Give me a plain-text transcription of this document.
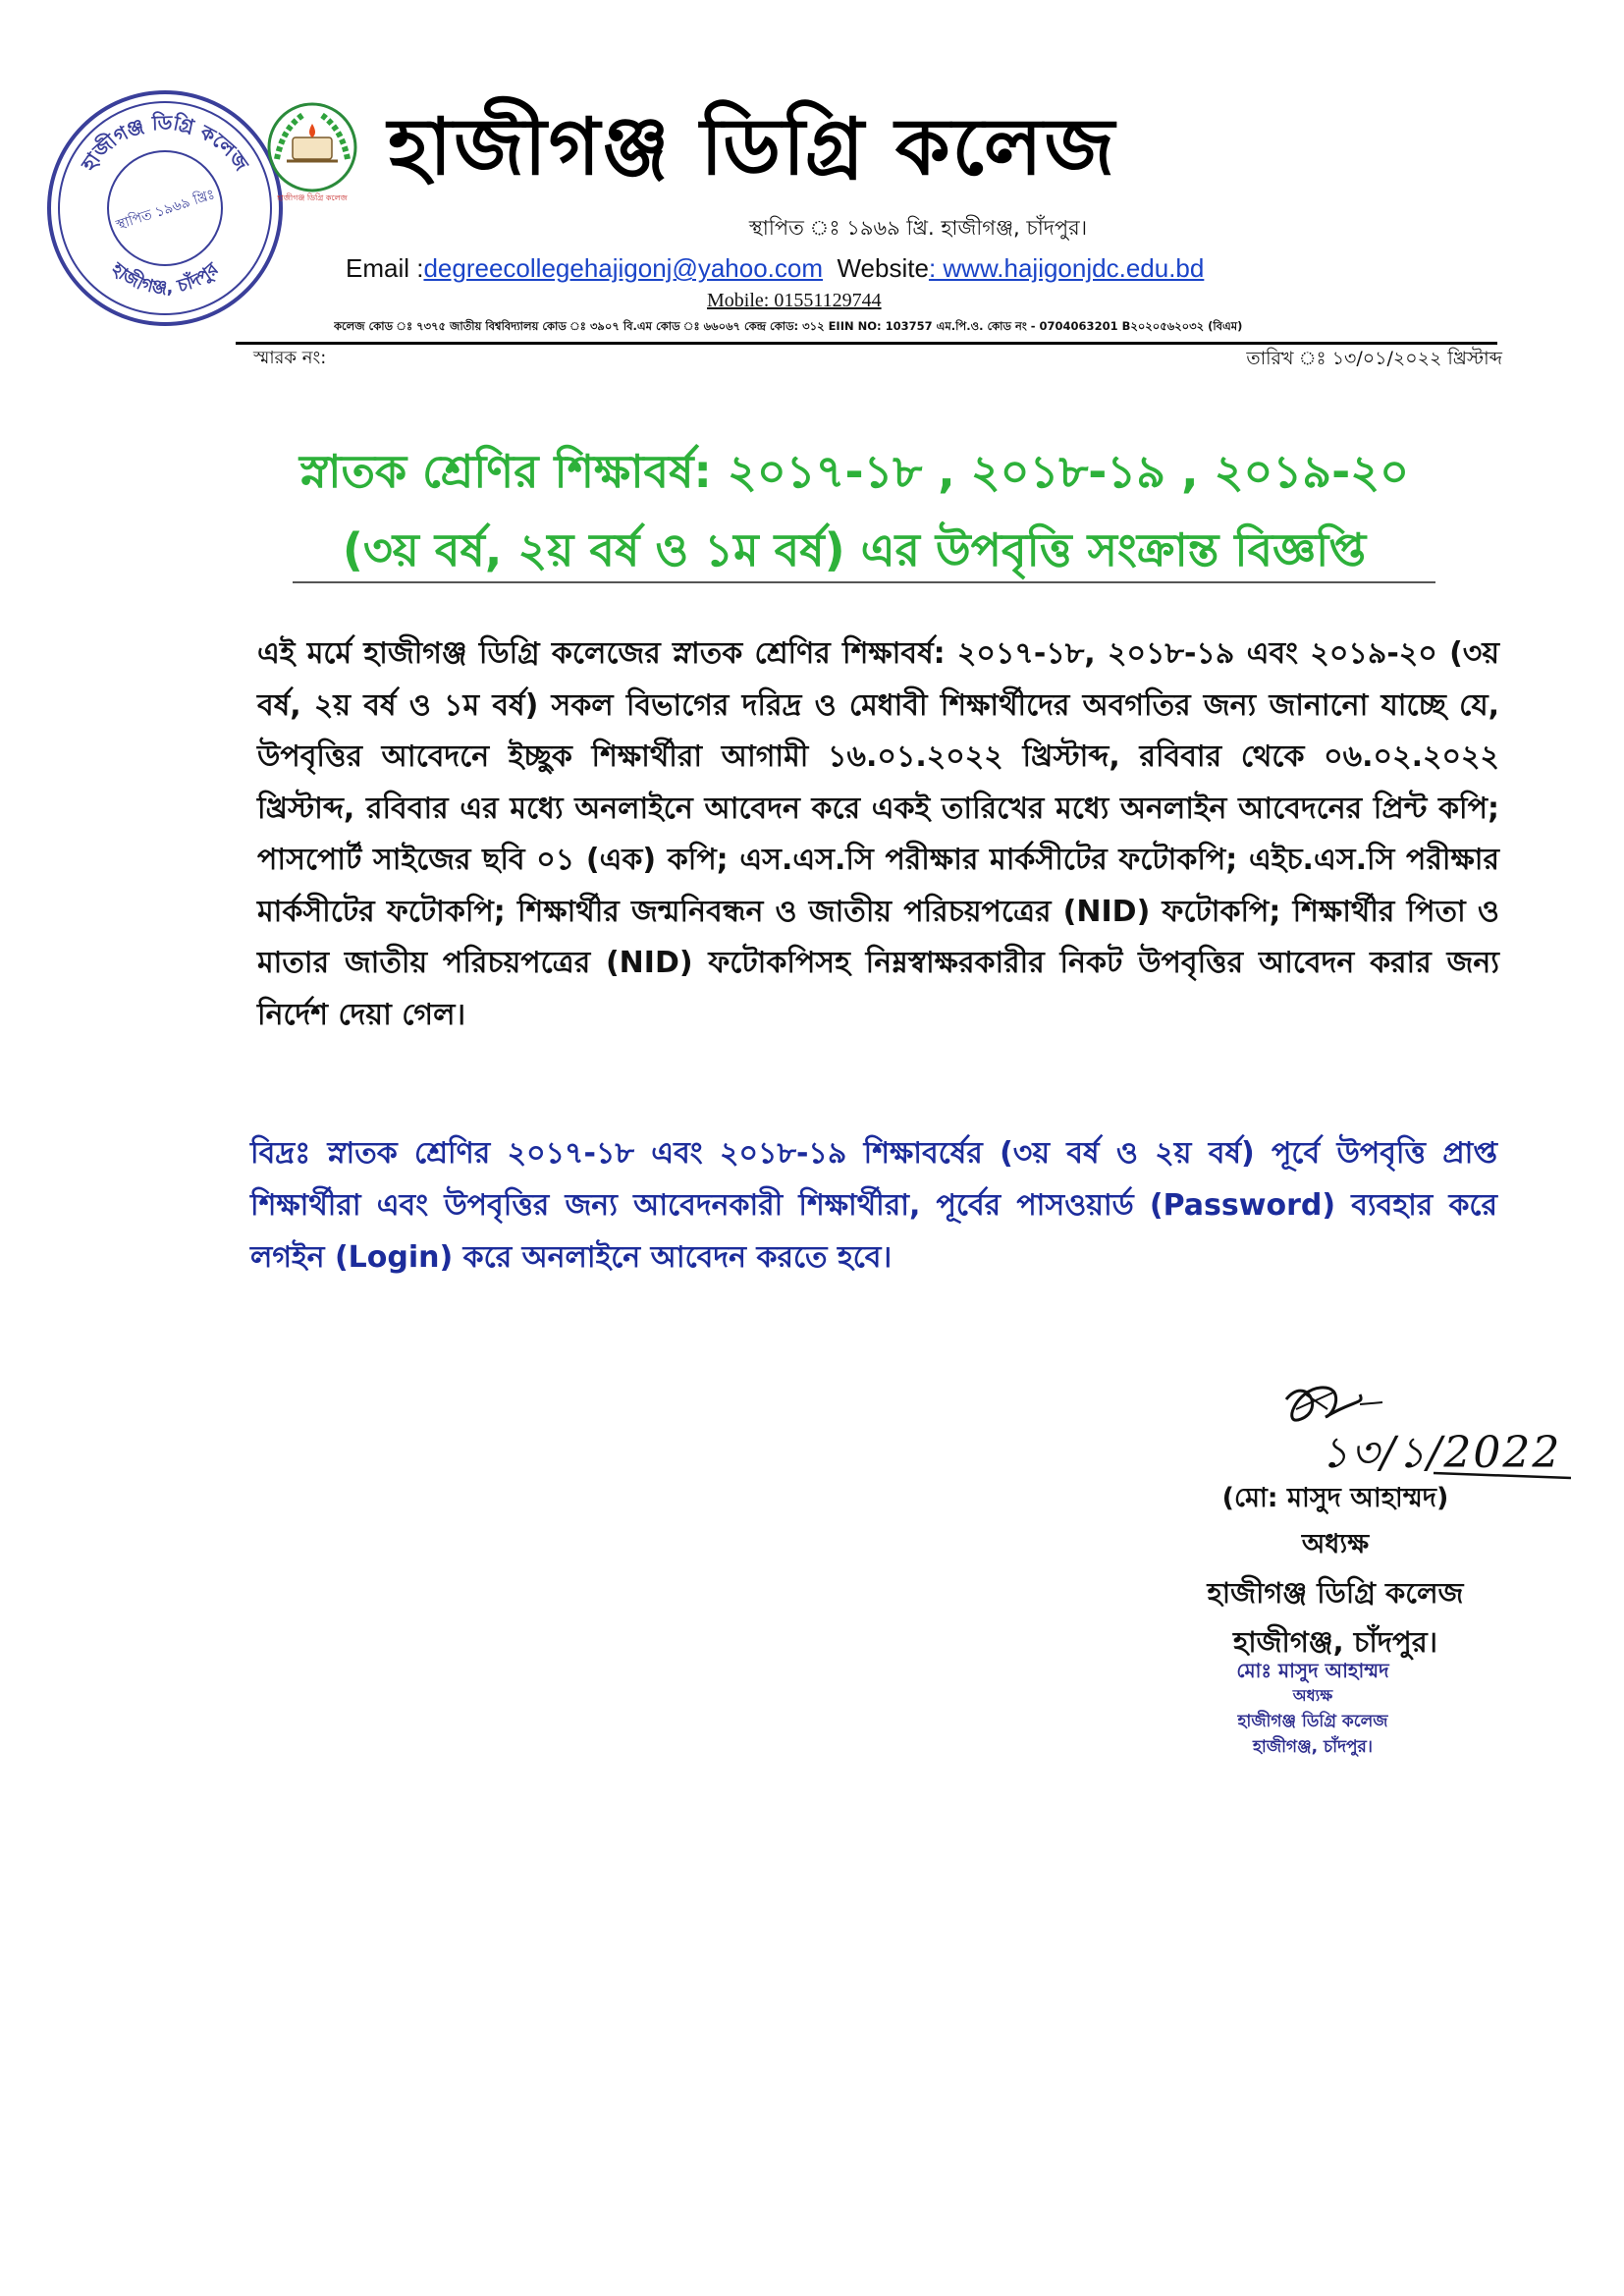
হাজীগঞ্জ ডিগ্রি কলেজ
হাজীগঞ্জ, চাঁদপুর
স্থাপিত ১৯৬৯ খ্রিঃ	হাজীগঞ্জ ডিগ্রি কলেজ
হাজীগঞ্জ ডিগ্রি কলেজ
স্থাপিত ঃ ১৯৬৯ খ্রি. হাজীগঞ্জ, চাঁদপুর।
Email :degreecollegehajigonj@yahoo.com Website: www.hajigonjdc.edu.bd
Mobile: 01551129744
কলেজ কোড ঃ ৭৩৭৫ জাতীয় বিশ্ববিদ্যালয় কোড ঃ ৩৯০৭ বি.এম কোড ঃ ৬৬০৬৭ কেন্দ্র কোড: ৩১২ EIIN NO: 103757 এম.পি.ও. কোড নং - 0704063201 B২০২০৫৬২০৩২ (বিএম)
স্মারক নং:	তারিখ ঃ ১৩/০১/২০২২ খ্রিস্টাব্দ
স্নাতক শ্রেণির শিক্ষাবর্ষ: ২০১৭-১৮ , ২০১৮-১৯ , ২০১৯-২০
(৩য় বর্ষ, ২য় বর্ষ ও ১ম বর্ষ) এর উপবৃত্তি সংক্রান্ত বিজ্ঞপ্তি
এই মর্মে হাজীগঞ্জ ডিগ্রি কলেজের স্নাতক শ্রেণির শিক্ষাবর্ষ: ২০১৭-১৮, ২০১৮-১৯ এবং ২০১৯-২০ (৩য় বর্ষ, ২য় বর্ষ ও ১ম বর্ষ) সকল বিভাগের দরিদ্র ও মেধাবী শিক্ষার্থীদের অবগতির জন্য জানানো যাচ্ছে যে, উপবৃত্তির আবেদনে ইচ্ছুক শিক্ষার্থীরা আগামী ১৬.০১.২০২২ খ্রিস্টাব্দ, রবিবার থেকে ০৬.০২.২০২২ খ্রিস্টাব্দ, রবিবার এর মধ্যে অনলাইনে আবেদন করে একই তারিখের মধ্যে অনলাইন আবেদনের প্রিন্ট কপি; পাসপোর্ট সাইজের ছবি ০১ (এক) কপি; এস.এস.সি পরীক্ষার মার্কসীটের ফটোকপি; এইচ.এস.সি পরীক্ষার মার্কসীটের ফটোকপি; শিক্ষার্থীর জন্মনিবন্ধন ও জাতীয় পরিচয়পত্রের (NID) ফটোকপি; শিক্ষার্থীর পিতা ও মাতার জাতীয় পরিচয়পত্রের (NID) ফটোকপিসহ নিম্নস্বাক্ষরকারীর নিকট উপবৃত্তির আবেদন করার জন্য নির্দেশ দেয়া গেল।
বিদ্রঃ স্নাতক শ্রেণির ২০১৭-১৮ এবং ২০১৮-১৯ শিক্ষাবর্ষের (৩য় বর্ষ ও ২য় বর্ষ) পূর্বে উপবৃত্তি প্রাপ্ত শিক্ষার্থীরা এবং উপবৃত্তির জন্য আবেদনকারী শিক্ষার্থীরা, পূর্বের পাসওয়ার্ড (Password) ব্যবহার করে লগইন (Login) করে অনলাইনে আবেদন করতে হবে।
১৩/১/2022
(মো: মাসুদ আহাম্মদ)
অধ্যক্ষ
হাজীগঞ্জ ডিগ্রি কলেজ
হাজীগঞ্জ, চাঁদপুর।
মোঃ মাসুদ আহাম্মদ
অধ্যক্ষ
হাজীগঞ্জ ডিগ্রি কলেজ
হাজীগঞ্জ, চাঁদপুর।
